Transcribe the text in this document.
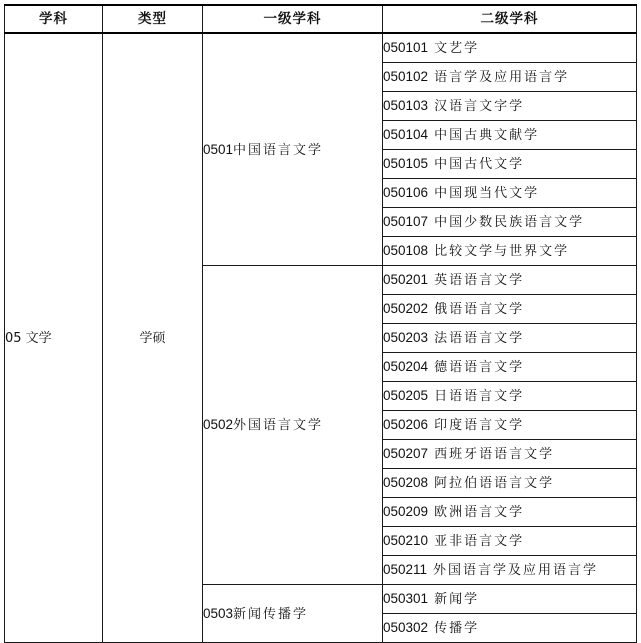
学科	类型	一级学科	二级学科
05 文学	学硕	0501中国语言文学	050101 文艺学
			050102 语言学及应用语言学
			050103 汉语言文字学
			050104 中国古典文献学
			050105 中国古代文学
			050106 中国现当代文学
			050107 中国少数民族语言文学
			050108 比较文学与世界文学
		0502外国语言文学	050201 英语语言文学
			050202 俄语语言文学
			050203 法语语言文学
			050204 德语语言文学
			050205 日语语言文学
			050206 印度语言文学
			050207 西班牙语语言文学
			050208 阿拉伯语语言文学
			050209 欧洲语言文学
			050210 亚非语言文学
			050211 外国语言学及应用语言学
		0503新闻传播学	050301 新闻学
			050302 传播学
